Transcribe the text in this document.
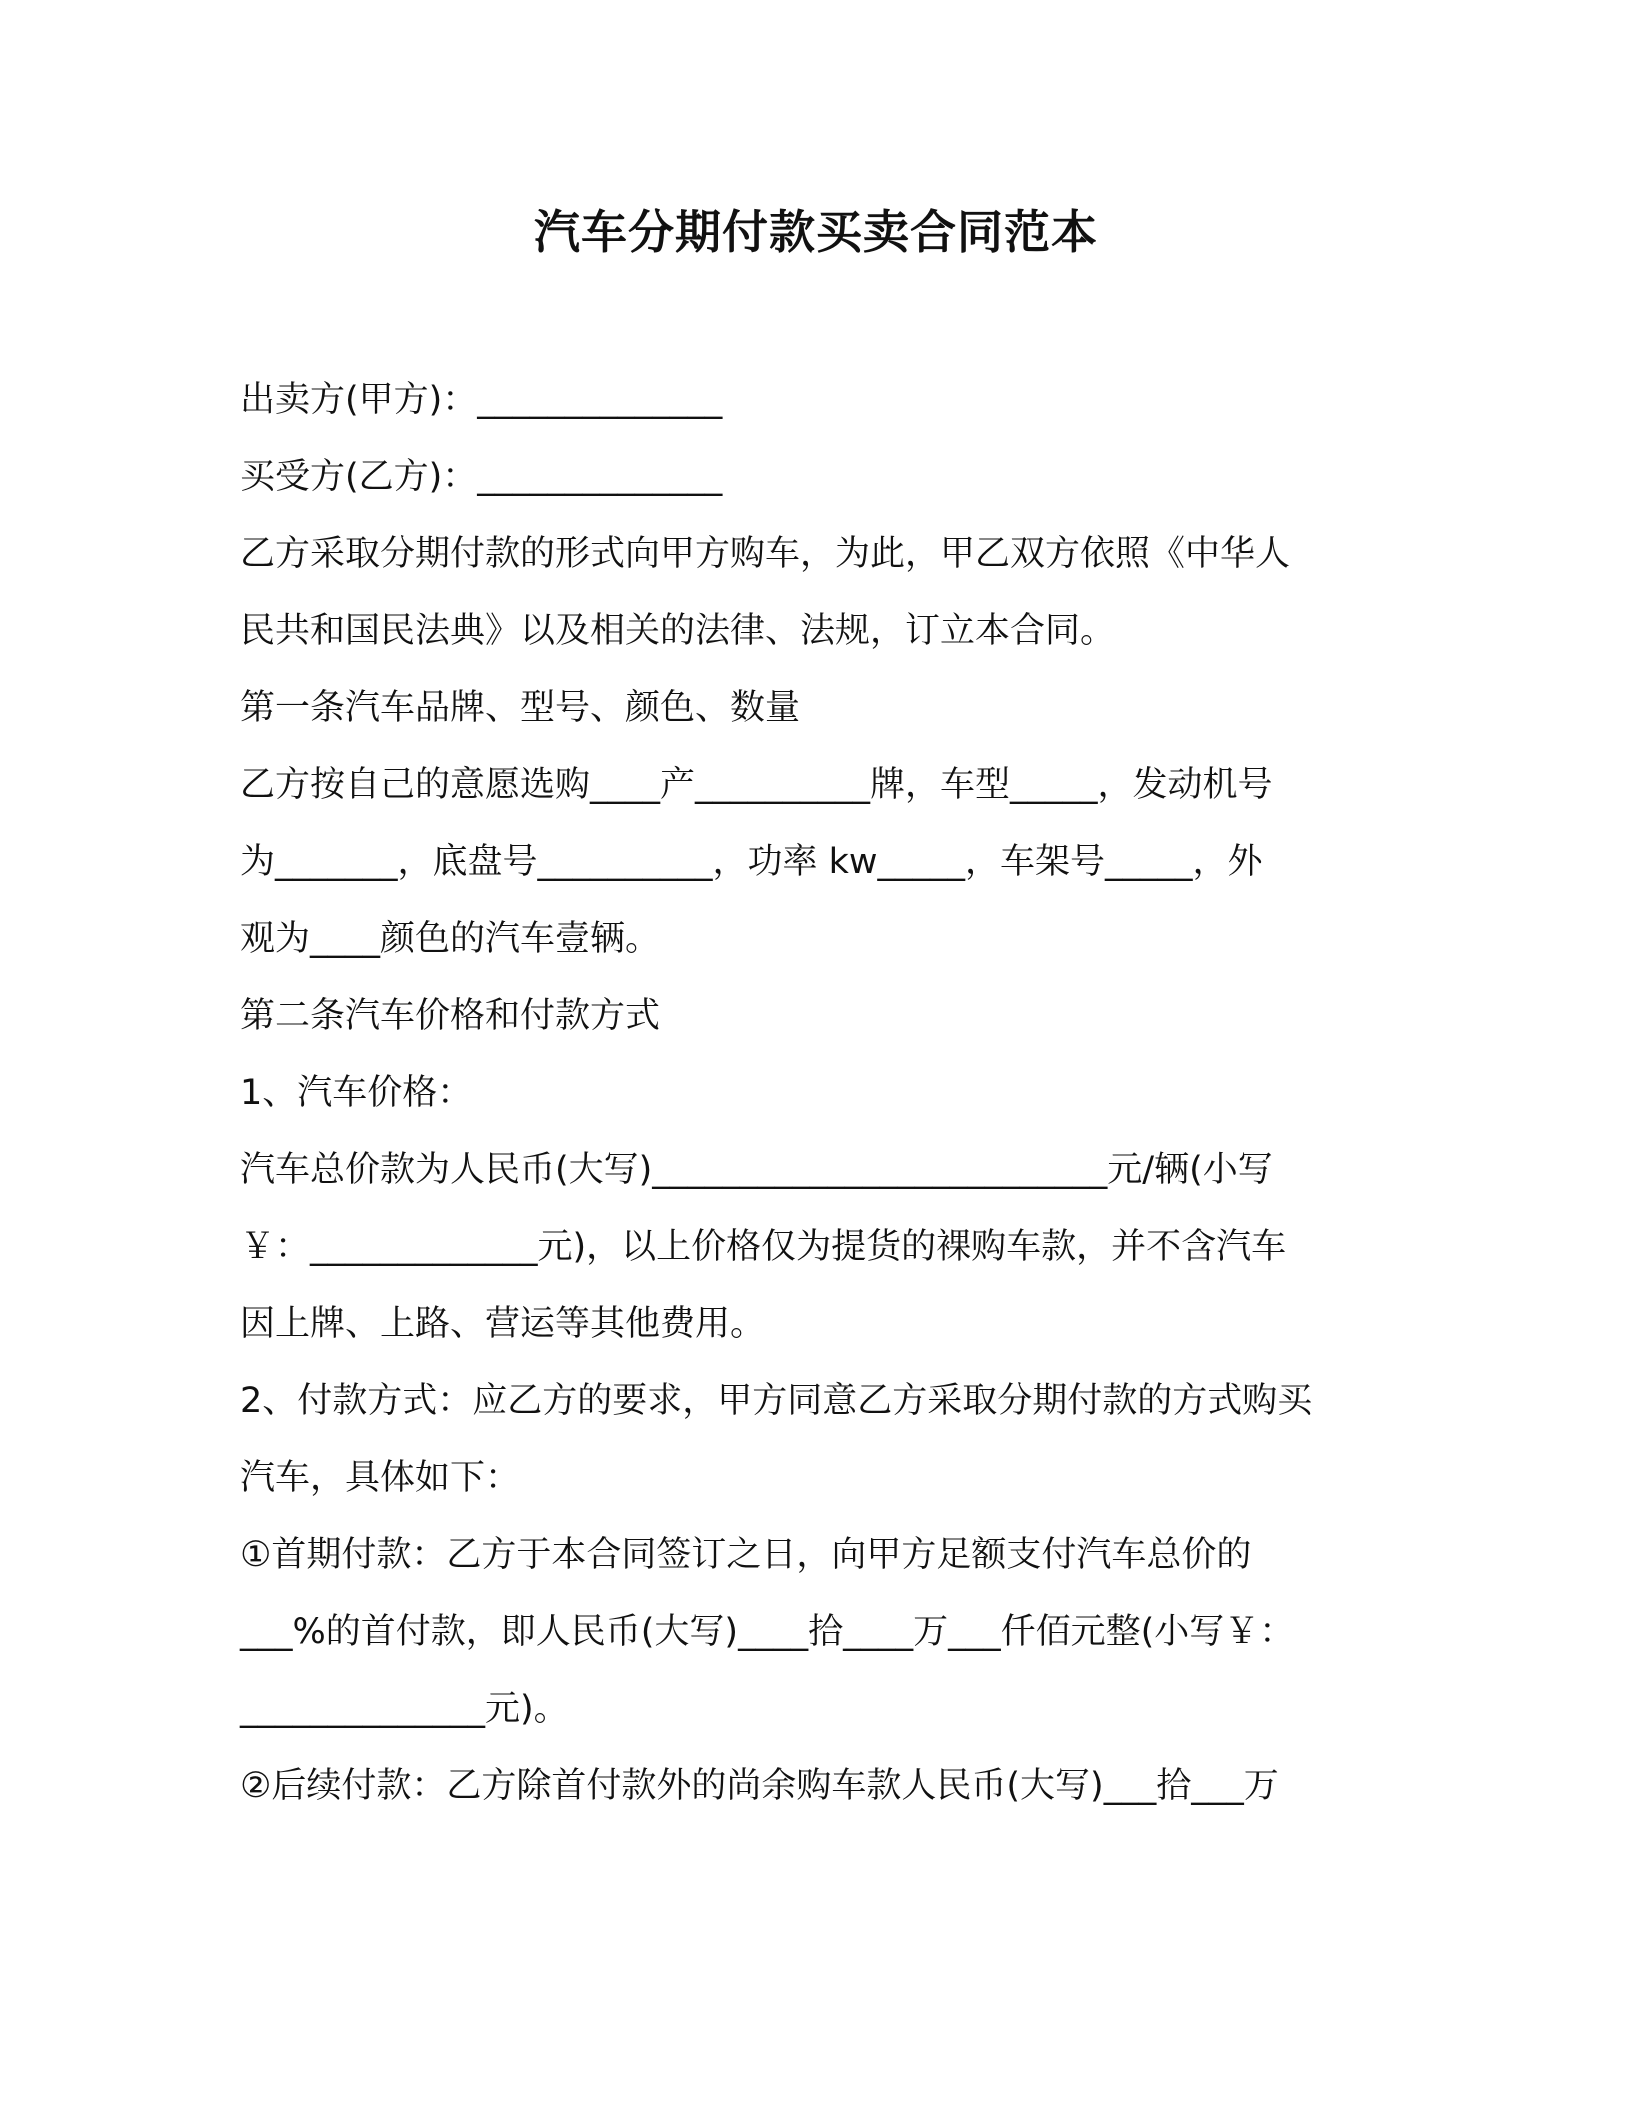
汽车分期付款买卖合同范本

出卖方(甲方)：______________

买受方(乙方)：______________

乙方采取分期付款的形式向甲方购车，为此，甲乙双方依照《中华人

民共和国民法典》以及相关的法律、法规，订立本合同。

第一条汽车品牌、型号、颜色、数量

乙方按自己的意愿选购____产__________牌，车型_____，发动机号

为_______，底盘号__________，功率 kw_____，车架号_____，外

观为____颜色的汽车壹辆。

第二条汽车价格和付款方式

1、汽车价格：

汽车总价款为人民币(大写)__________________________元/辆(小写

￥：_____________元)，以上价格仅为提货的裸购车款，并不含汽车

因上牌、上路、营运等其他费用。

2、付款方式：应乙方的要求，甲方同意乙方采取分期付款的方式购买

汽车，具体如下：

①首期付款：乙方于本合同签订之日，向甲方足额支付汽车总价的

___%的首付款，即人民币(大写)____拾____万___仟佰元整(小写￥：

______________元)。

②后续付款：乙方除首付款外的尚余购车款人民币(大写)___拾___万
